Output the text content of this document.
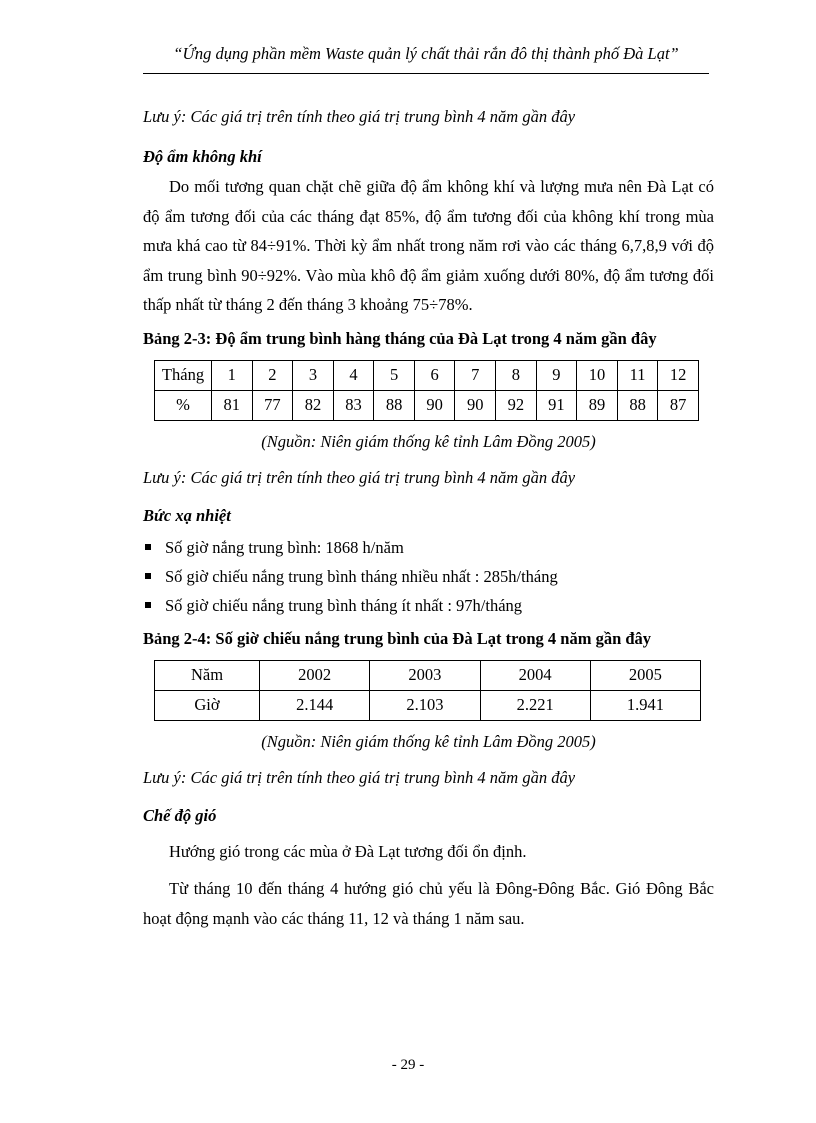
“Ứng dụng phần mềm Waste quản lý chất thải rắn đô thị thành phố Đà Lạt”

Lưu ý: Các giá trị trên tính theo giá trị trung bình 4 năm gần đây

Độ ẩm không khí

Do mối tương quan chặt chẽ giữa độ ẩm không khí và lượng mưa nên Đà Lạt có độ ẩm tương đối của các tháng đạt 85%, độ ẩm tương đối của không khí trong mùa mưa khá cao từ 84÷91%. Thời kỳ ẩm nhất trong năm rơi vào các tháng 6,7,8,9 với độ ẩm trung bình 90÷92%. Vào mùa khô độ ẩm giảm xuống dưới 80%, độ ẩm tương đối thấp nhất từ tháng 2 đến tháng 3 khoảng 75÷78%.

Bảng 2-3: Độ ẩm trung bình hàng tháng của Đà Lạt trong 4 năm gần đây

Tháng	1	2	3	4	5	6	7	8	9	10	11	12
%	81	77	82	83	88	90	90	92	91	89	88	87

(Nguồn: Niên giám thống kê tỉnh Lâm Đồng 2005)

Lưu ý: Các giá trị trên tính theo giá trị trung bình 4 năm gần đây

Bức xạ nhiệt

Số giờ nắng trung bình: 1868 h/năm
Số giờ chiếu nắng trung bình tháng nhiều nhất : 285h/tháng
Số giờ chiếu nắng trung bình tháng ít nhất : 97h/tháng

Bảng 2-4: Số giờ chiếu nắng trung bình của Đà Lạt trong 4 năm gần đây

Năm	2002	2003	2004	2005
Giờ	2.144	2.103	2.221	1.941

(Nguồn: Niên giám thống kê tỉnh Lâm Đồng 2005)

Lưu ý: Các giá trị trên tính theo giá trị trung bình 4 năm gần đây

Chế độ gió

Hướng gió trong các mùa ở Đà Lạt tương đối ổn định.

Từ tháng 10 đến tháng 4 hướng gió chủ yếu là Đông-Đông Bắc. Gió Đông Bắc hoạt động mạnh vào các tháng 11, 12 và tháng 1 năm sau.

- 29 -
